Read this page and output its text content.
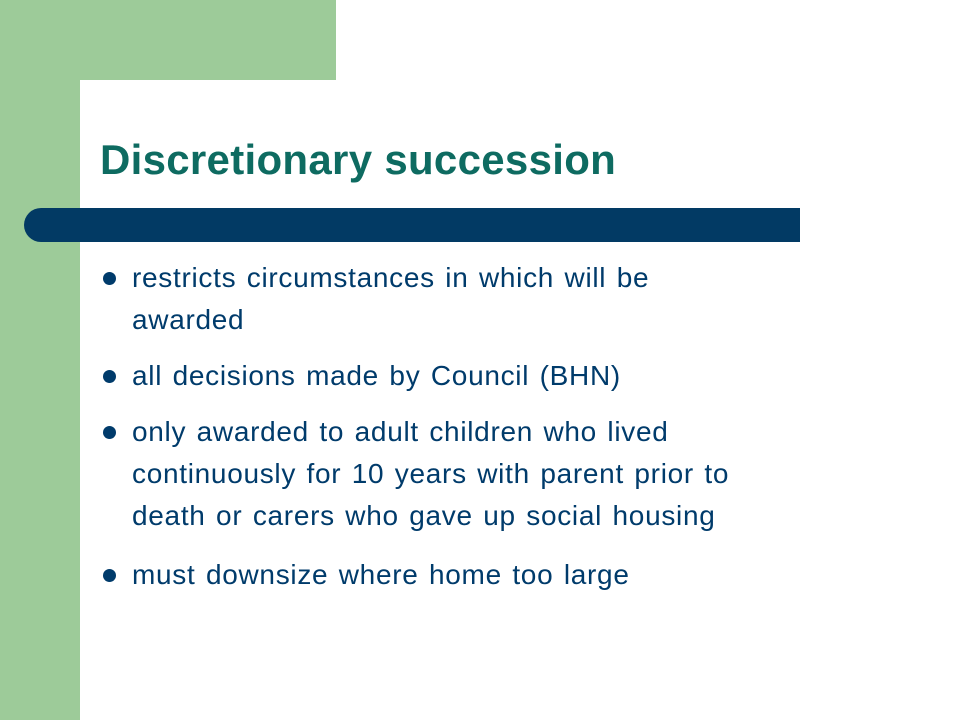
Discretionary succession
restricts circumstances in which will be
awarded
all decisions made by Council (BHN)
only awarded to adult children who lived
continuously for 10 years with parent prior to
death or carers who gave up social housing
must downsize where home too large
